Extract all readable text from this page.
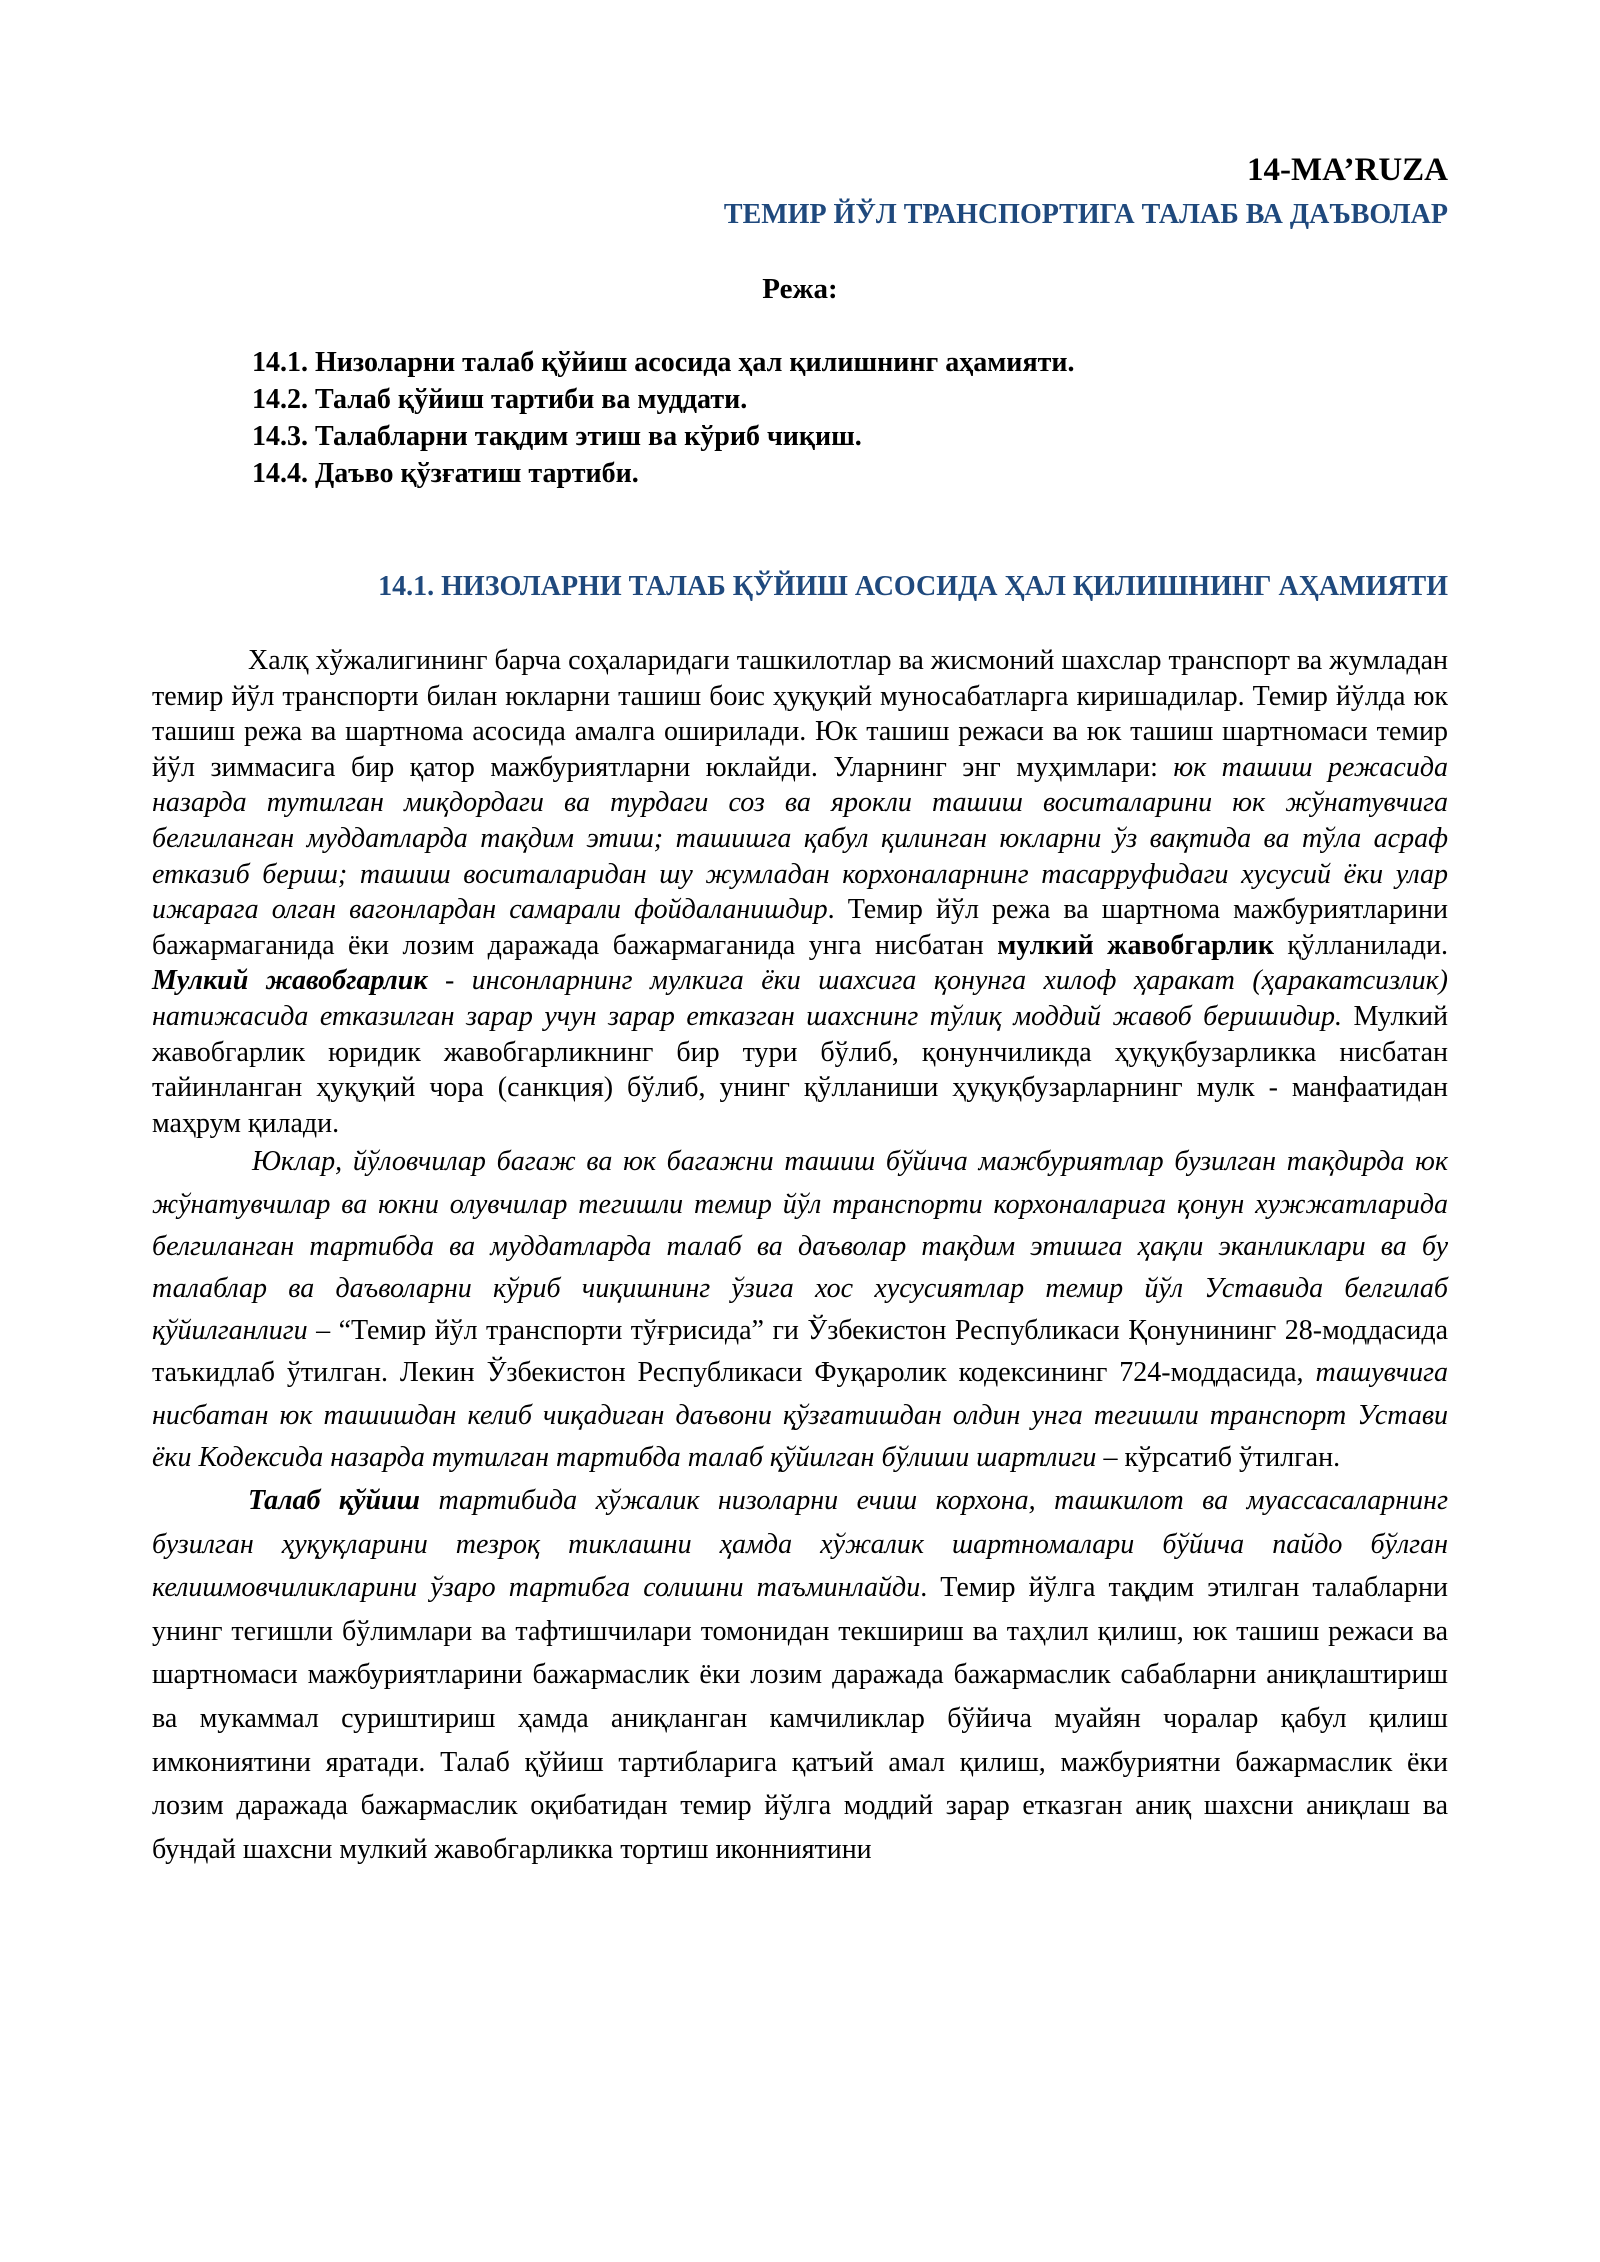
14-MA’RUZA
ТЕМИР ЙЎЛ ТРАНСПОРТИГА ТАЛАБ ВА ДАЪВОЛАР
Режа:
14.1. Низоларни талаб қўйиш асосида ҳал қилишнинг аҳамияти.
14.2. Талаб қўйиш тартиби ва муддати.
14.3. Талабларни тақдим этиш ва кўриб чиқиш.
14.4. Даъво қўзғатиш тартиби.
14.1. НИЗОЛАРНИ ТАЛАБ ҚЎЙИШ АСОСИДА ҲАЛ ҚИЛИШНИНГ АҲАМИЯТИ

Халқ хўжалигининг барча соҳаларидаги ташкилотлар ва жисмоний шахслар транспорт ва жумладан темир йўл транспорти билан юкларни ташиш боис ҳуқуқий муносабатларга киришадилар. Темир йўлда юк ташиш режа ва шартнома асосида амалга оширилади. Юк ташиш режаси ва юк ташиш шартномаси темир йўл зиммасига бир қатор мажбуриятларни юклайди. Уларнинг энг муҳимлари: юк ташиш режасида назарда тутилган миқдордаги ва турдаги соз ва ярокли ташиш воситаларини юк жўнатувчига белгиланган муддатларда тақдим этиш; ташишга қабул қилинган юкларни ўз вақтида ва тўла асраф етказиб бериш; ташиш воситаларидан шу жумладан корхоналарнинг тасарруфидаги хусусий ёки улар ижарага олган вагонлардан самарали фойдаланишдир. Темир йўл режа ва шартнома мажбуриятларини бажармаганида ёки лозим даражада бажармаганида унга нисбатан мулкий жавобгарлик қўлланилади. Мулкий жавобгарлик - инсонларнинг мулкига ёки шахсига қонунга хилоф ҳаракат (ҳаракатсизлик) натижасида етказилган зарар учун зарар етказган шахснинг тўлиқ моддий жавоб беришидир. Мулкий жавобгарлик юридик жавобгарликнинг бир тури бўлиб, қонунчиликда ҳуқуқбузарликка нисбатан тайинланган ҳуқуқий чора (санкция) бўлиб, унинг қўлланиши ҳуқуқбузарларнинг мулк - манфаатидан маҳрум қилади.

Юклар, йўловчилар багаж ва юк багажни ташиш бўйича мажбуриятлар бузилган тақдирда юк жўнатувчилар ва юкни олувчилар тегишли темир йўл транспорти корхоналарига қонун хужжатларида белгиланган тартибда ва муддатларда талаб ва даъволар тақдим этишга ҳақли эканликлари ва бу талаблар ва даъволарни кўриб чиқишнинг ўзига хос хусусиятлар темир йўл Уставида белгилаб қўйилганлиги – “Темир йўл транспорти тўғрисида” ги Ўзбекистон Республикаси Қонунининг 28-моддасида таъкидлаб ўтилган. Лекин Ўзбекистон Республикаси Фуқаролик кодексининг 724-моддасида, ташувчига нисбатан юк ташишдан келиб чиқадиган даъвони қўзғатишдан олдин унга тегишли транспорт Устави ёки Кодексида назарда тутилган тартибда талаб қўйилган бўлиши шартлиги – кўрсатиб ўтилган.

Талаб қўйиш тартибида хўжалик низоларни ечиш корхона, ташкилот ва муассасаларнинг бузилган ҳуқуқларини тезроқ тиклашни ҳамда хўжалик шартномалари бўйича пайдо бўлган келишмовчиликларини ўзаро тартибга солишни таъминлайди. Темир йўлга тақдим этилган талабларни унинг тегишли бўлимлари ва тафтишчилари томонидан текшириш ва таҳлил қилиш, юк ташиш режаси ва шартномаси мажбуриятларини бажармаслик ёки лозим даражада бажармаслик сабабларни аниқлаштириш ва мукаммал суриштириш ҳамда аниқланган камчиликлар бўйича муайян чоралар қабул қилиш имкониятини яратади. Талаб қўйиш тартибларига қатъий амал қилиш, мажбуриятни бажармаслик ёки лозим даражада бажармаслик оқибатидан темир йўлга моддий зарар етказган аниқ шахсни аниқлаш ва бундай шахсни мулкий жавобгарликка тортиш иконниятини
